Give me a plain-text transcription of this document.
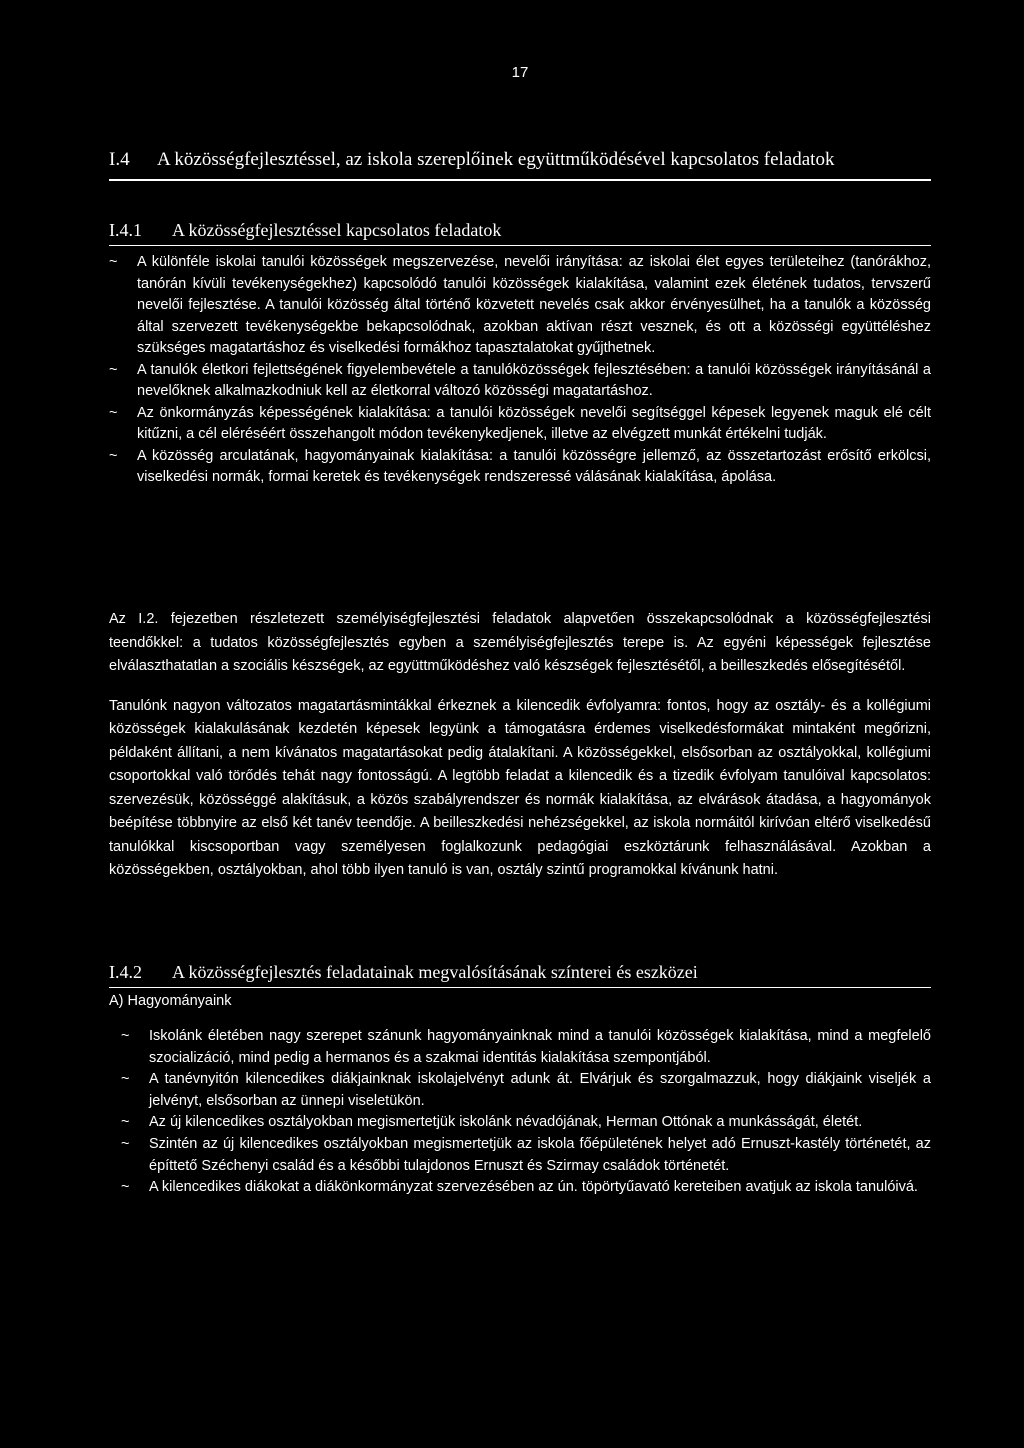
17
I.4 A közösségfejlesztéssel, az iskola szereplőinek együttműködésével kapcsolatos feladatok
I.4.1 A közösségfejlesztéssel kapcsolatos feladatok
~ A különféle iskolai tanulói közösségek megszervezése, nevelői irányítása: az iskolai élet egyes területeihez (tanórákhoz, tanórán kívüli tevékenységekhez) kapcsolódó tanulói közösségek kialakítása, valamint ezek életének tudatos, tervszerű nevelői fejlesztése. A tanulói közösség által történő közvetett nevelés csak akkor érvényesülhet, ha a tanulók a közösség által szervezett tevékenységekbe bekapcsolódnak, azokban aktívan részt vesznek, és ott a közösségi együttéléshez szükséges magatartáshoz és viselkedési formákhoz tapasztalatokat gyűjthetnek.
~ A tanulók életkori fejlettségének figyelembevétele a tanulóközösségek fejlesztésében: a tanulói közösségek irányításánál a nevelőknek alkalmazkodniuk kell az életkorral változó közösségi magatartáshoz.
~ Az önkormányzás képességének kialakítása: a tanulói közösségek nevelői segítséggel képesek legyenek maguk elé célt kitűzni, a cél eléréséért összehangolt módon tevékenykedjenek, illetve az elvégzett munkát értékelni tudják.
~ A közösség arculatának, hagyományainak kialakítása: a tanulói közösségre jellemző, az összetartozást erősítő erkölcsi, viselkedési normák, formai keretek és tevékenységek rendszeressé válásának kialakítása, ápolása.

Az I.2. fejezetben részletezett személyiségfejlesztési feladatok alapvetően összekapcsolódnak a közösségfejlesztési teendőkkel: a tudatos közösségfejlesztés egyben a személyiségfejlesztés terepe is. Az egyéni képességek fejlesztése elválaszthatatlan a szociális készségek, az együttműködéshez való készségek fejlesztésétől, a beilleszkedés elősegítésétől.

Tanulónk nagyon változatos magatartásmintákkal érkeznek a kilencedik évfolyamra: fontos, hogy az osztály- és a kollégiumi közösségek kialakulásának kezdetén képesek legyünk a támogatásra érdemes viselkedésformákat mintaként megőrizni, példaként állítani, a nem kívánatos magatartásokat pedig átalakítani. A közösségekkel, elsősorban az osztályokkal, kollégiumi csoportokkal való törődés tehát nagy fontosságú. A legtöbb feladat a kilencedik és a tizedik évfolyam tanulóival kapcsolatos: szervezésük, közösséggé alakításuk, a közös szabályrendszer és normák kialakítása, az elvárások átadása, a hagyományok beépítése többnyire az első két tanév teendője. A beilleszkedési nehézségekkel, az iskola normáitól kirívóan eltérő viselkedésű tanulókkal kiscsoportban vagy személyesen foglalkozunk pedagógiai eszköztárunk felhasználásával. Azokban a közösségekben, osztályokban, ahol több ilyen tanuló is van, osztály szintű programokkal kívánunk hatni.

I.4.2 A közösségfejlesztés feladatainak megvalósításának színterei és eszközei

A) Hagyományaink

~ Iskolánk életében nagy szerepet szánunk hagyományainknak mind a tanulói közösségek kialakítása, mind a megfelelő szocializáció, mind pedig a hermanos és a szakmai identitás kialakítása szempontjából.
~ A tanévnyitón kilencedikes diákjainknak iskolajelvényt adunk át. Elvárjuk és szorgalmazzuk, hogy diákjaink viseljék a jelvényt, elsősorban az ünnepi viseletükön.
~ Az új kilencedikes osztályokban megismertetjük iskolánk névadójának, Herman Ottónak a munkásságát, életét.
~ Szintén az új kilencedikes osztályokban megismertetjük az iskola főépületének helyet adó Ernuszt-kastély történetét, az építtető Széchenyi család és a későbbi tulajdonos Ernuszt és Szirmay családok történetét.
~ A kilencedikes diákokat a diákönkormányzat szervezésében az ún. töpörtyűavató kereteiben avatjuk az iskola tanulóivá.
